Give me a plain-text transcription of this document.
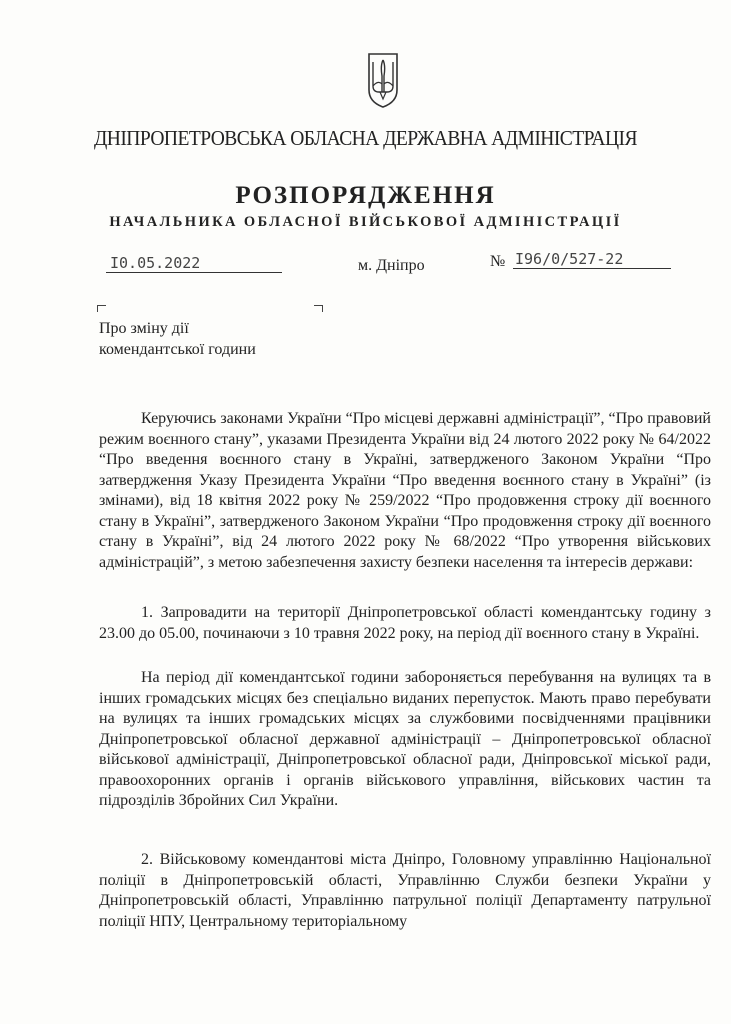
ДНІПРОПЕТРОВСЬКА ОБЛАСНА ДЕРЖАВНА АДМІНІСТРАЦІЯ
РОЗПОРЯДЖЕННЯ
НАЧАЛЬНИКА ОБЛАСНОЇ ВІЙСЬКОВОЇ АДМІНІСТРАЦІЇ
I0.05.2022	м. Дніпро	№ I96/0/527-22
Про зміну дії
комендантської години
Керуючись законами України “Про місцеві державні адміністрації”, “Про правовий режим воєнного стану”, указами Президента України від 24 лютого 2022 року № 64/2022 “Про введення воєнного стану в Україні, затвердженого Законом України “Про затвердження Указу Президента України “Про введення воєнного стану в Україні” (із змінами), від 18 квітня 2022 року № 259/2022 “Про продовження строку дії воєнного стану в Україні”, затвердженого Законом України “Про продовження строку дії воєнного стану в Україні”, від 24 лютого 2022 року № 68/2022 “Про утворення військових адміністрацій”, з метою забезпечення захисту безпеки населення та інтересів держави:
1. Запровадити на території Дніпропетровської області комендантську годину з 23.00 до 05.00, починаючи з 10 травня 2022 року, на період дії воєнного стану в Україні.
На період дії комендантської години забороняється перебування на вулицях та в інших громадських місцях без спеціально виданих перепусток. Мають право перебувати на вулицях та інших громадських місцях за службовими посвідченнями працівники Дніпропетровської обласної державної адміністрації – Дніпропетровської обласної військової адміністрації, Дніпропетровської обласної ради, Дніпровської міської ради, правоохоронних органів і органів військового управління, військових частин та підрозділів Збройних Сил України.
2. Військовому комендантові міста Дніпро, Головному управлінню Національної поліції в Дніпропетровській області, Управлінню Служби безпеки України у Дніпропетровській області, Управлінню патрульної поліції Департаменту патрульної поліції НПУ, Центральному територіальному
